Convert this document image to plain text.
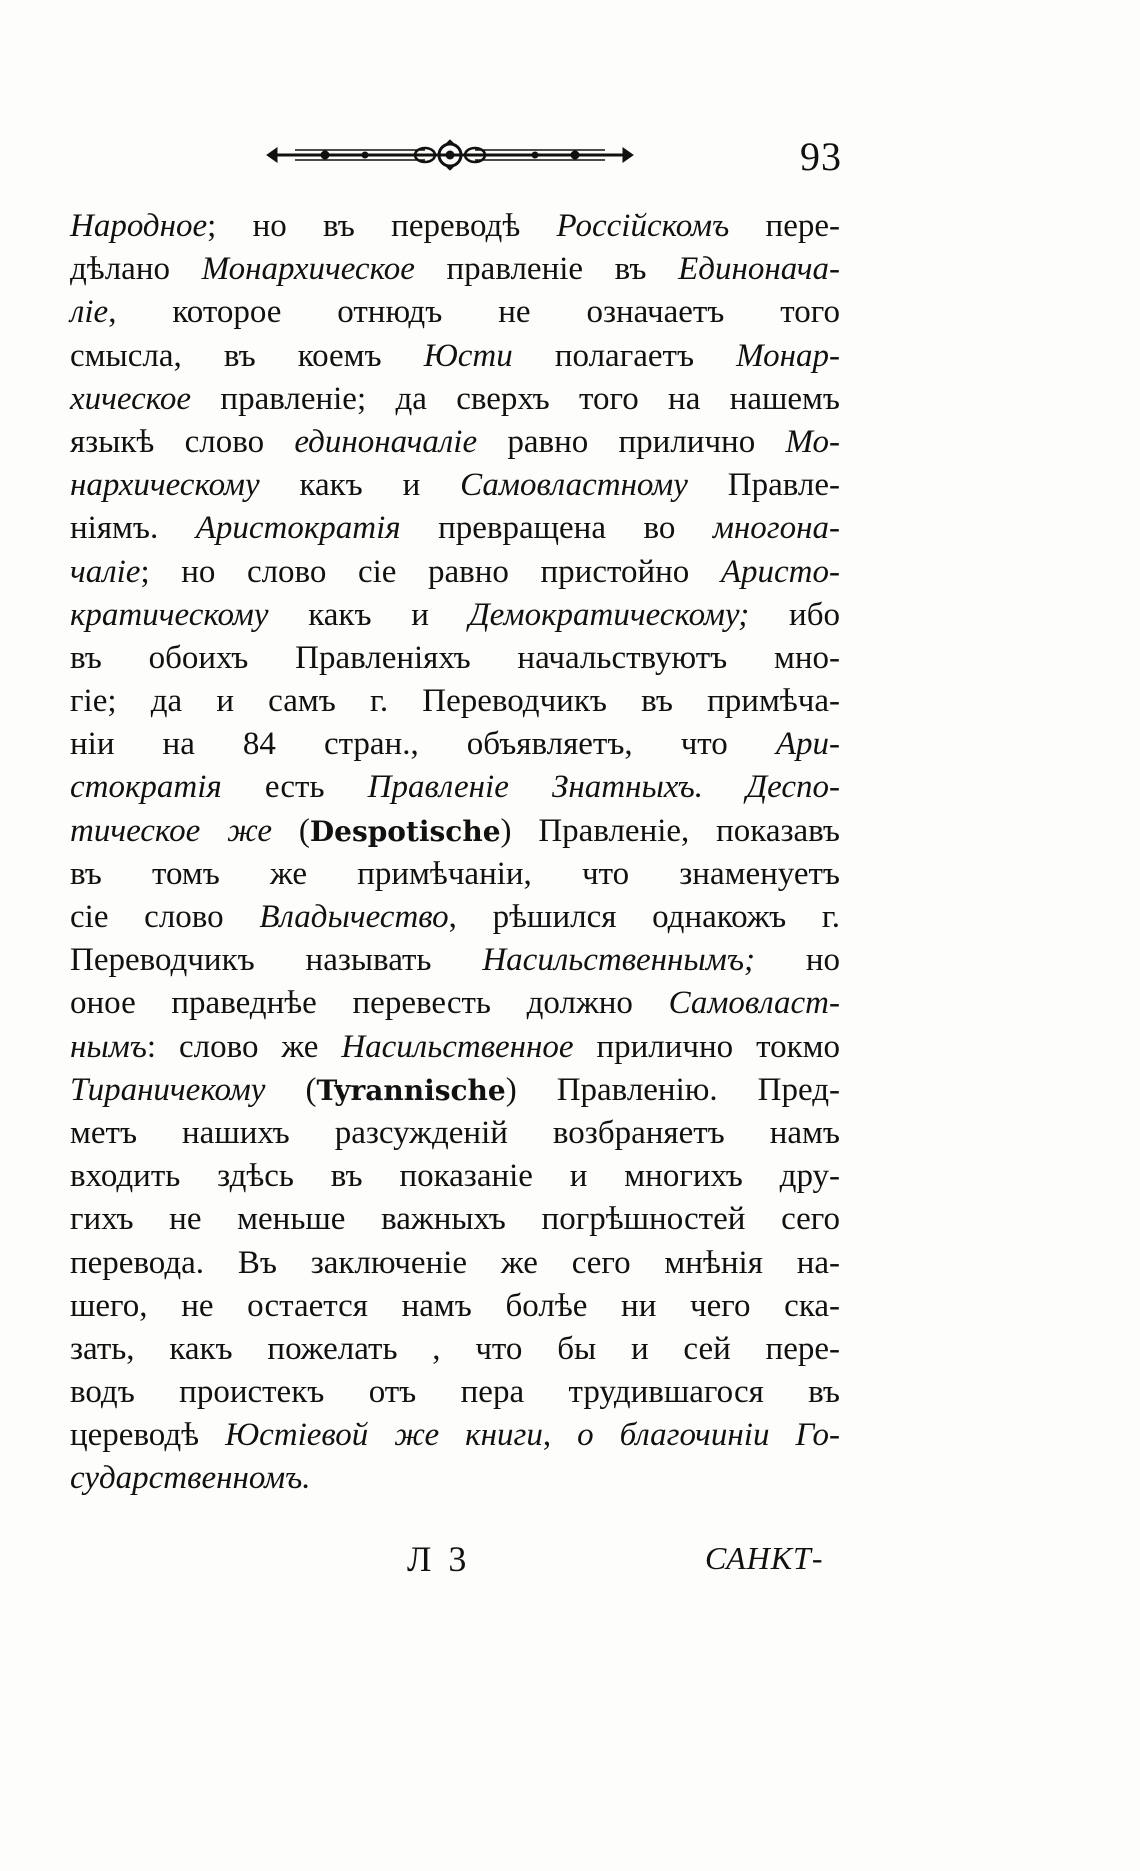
93
Народное; но въ переводѣ Россійскомъ пере-
дѣлано Монархическое правленіе въ Единонача-
ліе, которое отнюдъ не означаетъ того
смысла, въ коемъ Юсти полагаетъ Монар-
хическое правленіе; да сверхъ того на нашемъ
языкѣ слово единоначаліе равно прилично Мо-
нархическому какъ и Самовластному Правле-
ніямъ. Аристократія превращена во многона-
чаліе; но слово сіе равно пристойно Аристо-
кратическому какъ и Демократическому; ибо
въ обоихъ Правленіяхъ начальствуютъ мно-
гіе; да и самъ г. Переводчикъ въ примѣча-
ніи на 84 стран., объявляетъ, что Ари-
стократія есть Правленіе Знатныхъ. Деспо-
тическое же (Despotische) Правленіе, показавъ
въ томъ же примѣчаніи, что знаменуетъ
сіе слово Владычество, рѣшился однакожъ г.
Переводчикъ называть Насильственнымъ; но
оное праведнѣе перевесть должно Самовласт-
нымъ: слово же Насильственное прилично токмо
Тираничекому (Tyrannische) Правленію. Пред-
метъ нашихъ разсужденій возбраняетъ намъ
входить здѣсь въ показаніе и многихъ дру-
гихъ не меньше важныхъ погрѣшностей сего
перевода. Въ заключеніе же сего мнѣнія на-
шего, не остается намъ болѣе ни чего ска-
зать, какъ пожелать , что бы и сей пере-
водъ проистекъ отъ пера трудившагося въ
цереводѣ Юстіевой же книги, о благочиніи Го-
сударственномъ.
Л 3	САНКТ-
